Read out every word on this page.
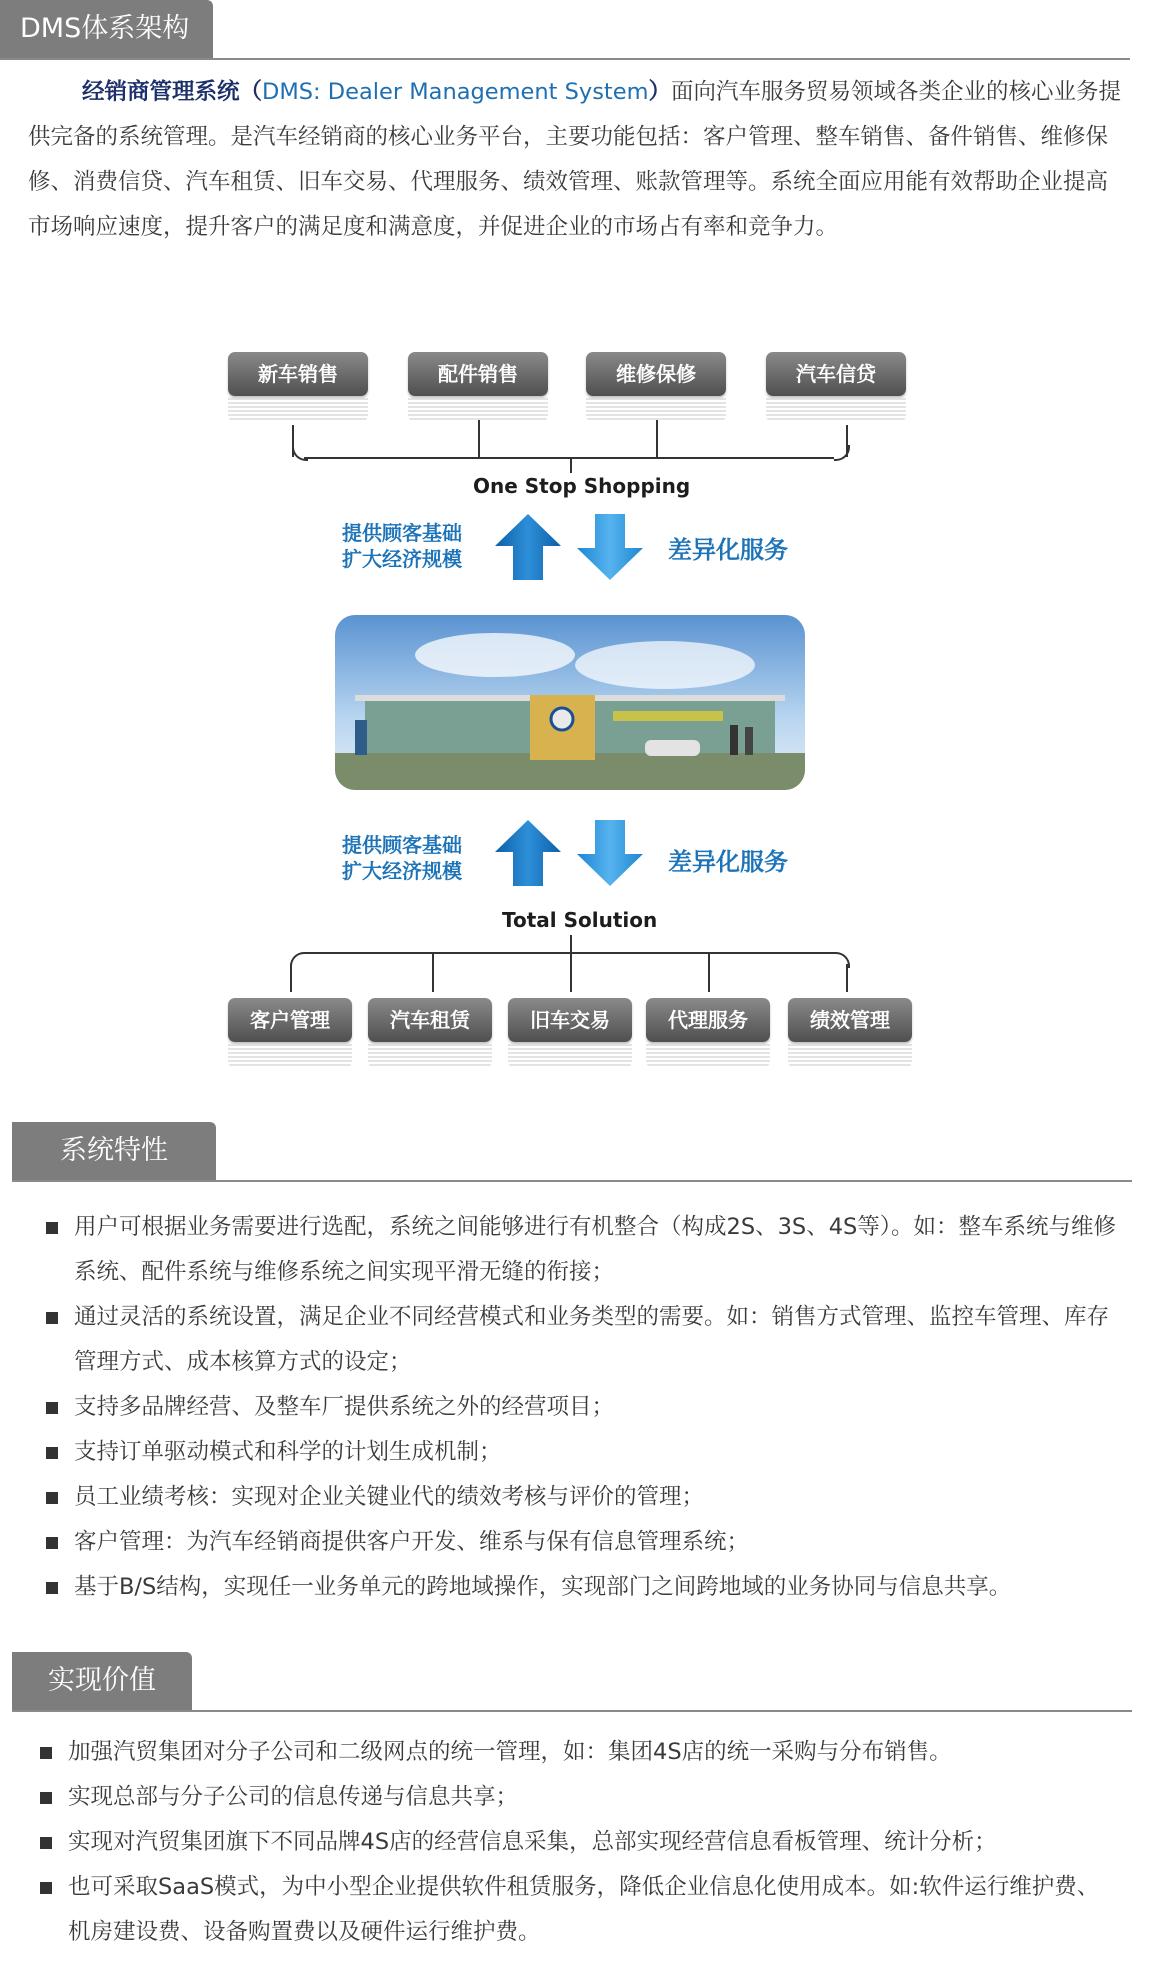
DMS体系架构

经销商管理系统（DMS: Dealer Management System）面向汽车服务贸易领域各类企业的核心业务提供完备的系统管理。是汽车经销商的核心业务平台，主要功能包括：客户管理、整车销售、备件销售、维修保修、消费信贷、汽车租赁、旧车交易、代理服务、绩效管理、账款管理等。系统全面应用能有效帮助企业提高市场响应速度，提升客户的满足度和满意度，并促进企业的市场占有率和竞争力。

新车销售	配件销售	维修保修	汽车信贷
One Stop Shopping
提供顾客基础
扩大经济规模	差异化服务
提供顾客基础
扩大经济规模	差异化服务
Total Solution
客户管理	汽车租赁	旧车交易	代理服务	绩效管理
系统特性
用户可根据业务需要进行选配，系统之间能够进行有机整合（构成2S、3S、4S等）。如：整车系统与维修系统、配件系统与维修系统之间实现平滑无缝的衔接；
通过灵活的系统设置，满足企业不同经营模式和业务类型的需要。如：销售方式管理、监控车管理、库存管理方式、成本核算方式的设定；
支持多品牌经营、及整车厂提供系统之外的经营项目；
支持订单驱动模式和科学的计划生成机制；
员工业绩考核：实现对企业关键业代的绩效考核与评价的管理；
客户管理：为汽车经销商提供客户开发、维系与保有信息管理系统；
基于B/S结构，实现任一业务单元的跨地域操作，实现部门之间跨地域的业务协同与信息共享。
实现价值
加强汽贸集团对分子公司和二级网点的统一管理，如：集团4S店的统一采购与分布销售。
实现总部与分子公司的信息传递与信息共享；
实现对汽贸集团旗下不同品牌4S店的经营信息采集，总部实现经营信息看板管理、统计分析；
也可采取SaaS模式，为中小型企业提供软件租赁服务，降低企业信息化使用成本。如:软件运行维护费、机房建设费、设备购置费以及硬件运行维护费。
